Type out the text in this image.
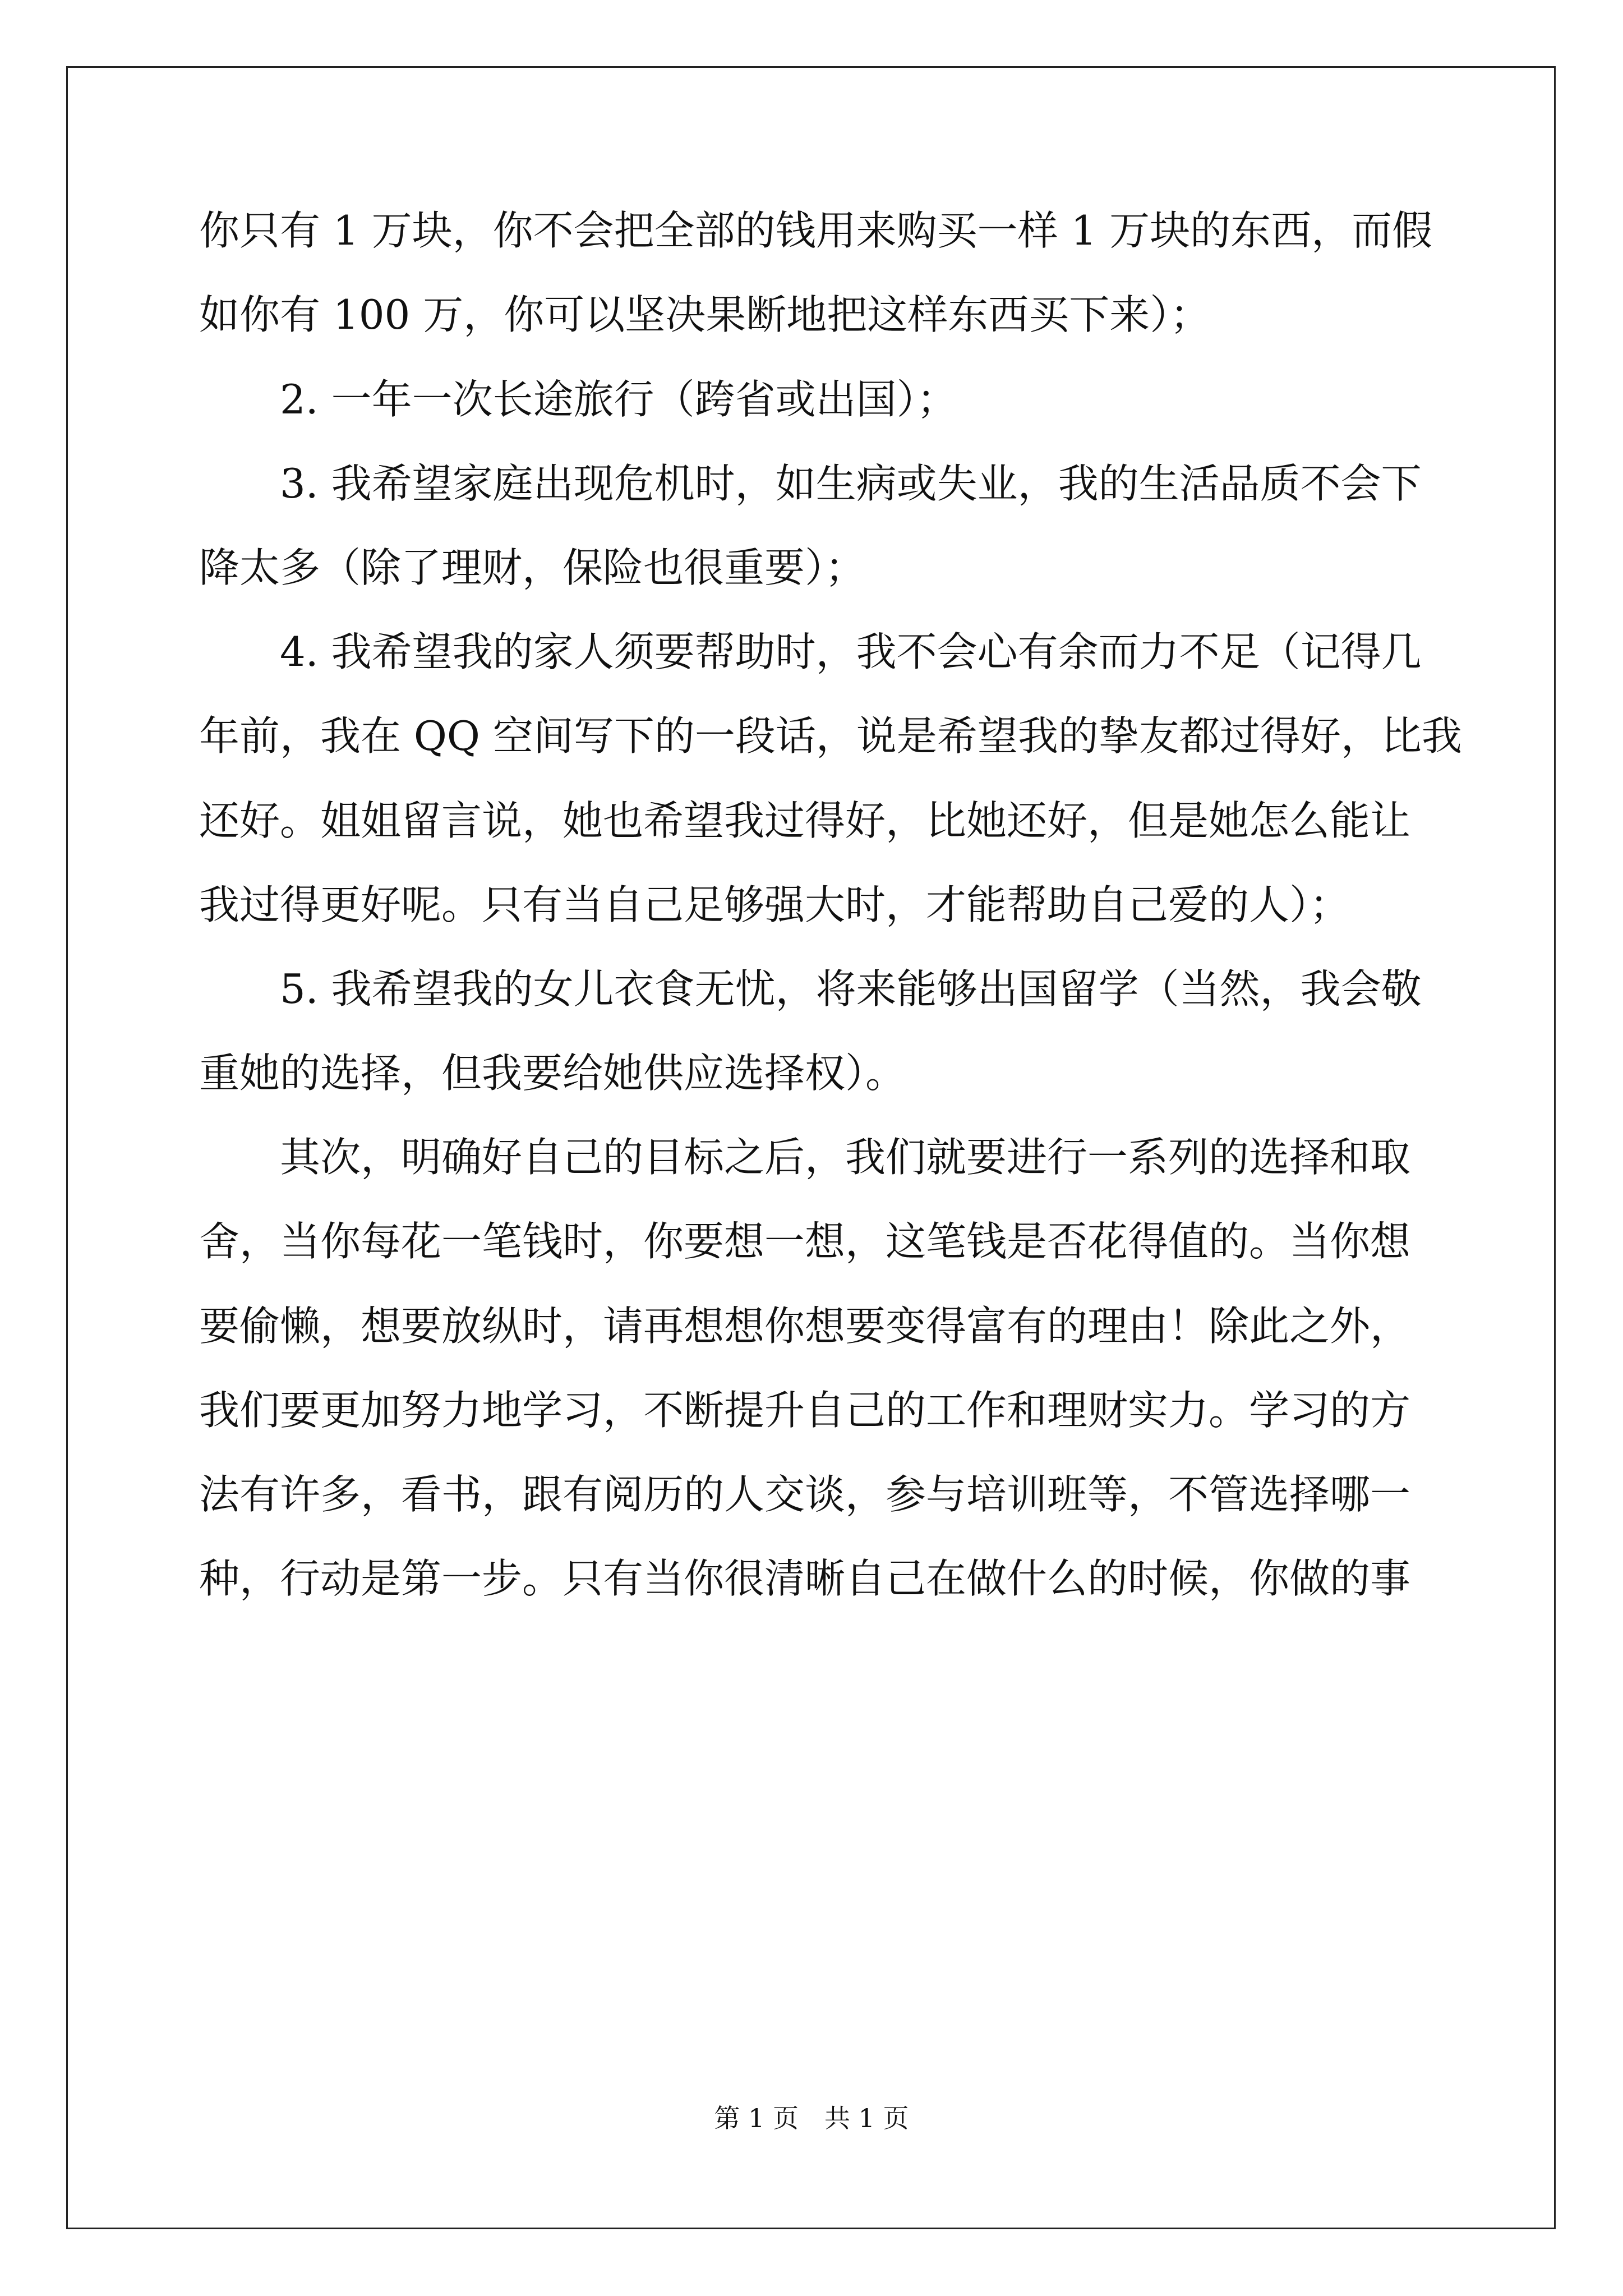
你只有 1 万块，你不会把全部的钱用来购买一样 1 万块的东西，而假
如你有 100 万，你可以坚决果断地把这样东西买下来）；
2. 一年一次长途旅行（跨省或出国）；
3. 我希望家庭出现危机时，如生病或失业，我的生活品质不会下
降太多（除了理财，保险也很重要）；
4. 我希望我的家人须要帮助时，我不会心有余而力不足（记得几
年前，我在 QQ 空间写下的一段话，说是希望我的挚友都过得好，比我
还好。姐姐留言说，她也希望我过得好，比她还好，但是她怎么能让
我过得更好呢。只有当自己足够强大时，才能帮助自己爱的人）；
5. 我希望我的女儿衣食无忧，将来能够出国留学（当然，我会敬
重她的选择，但我要给她供应选择权）。
其次，明确好自己的目标之后，我们就要进行一系列的选择和取
舍，当你每花一笔钱时，你要想一想，这笔钱是否花得值的。当你想
要偷懒，想要放纵时，请再想想你想要变得富有的理由！除此之外，
我们要更加努力地学习，不断提升自己的工作和理财实力。学习的方
法有许多，看书，跟有阅历的人交谈，参与培训班等，不管选择哪一
种，行动是第一步。只有当你很清晰自己在做什么的时候，你做的事
第 1 页　共 1 页
